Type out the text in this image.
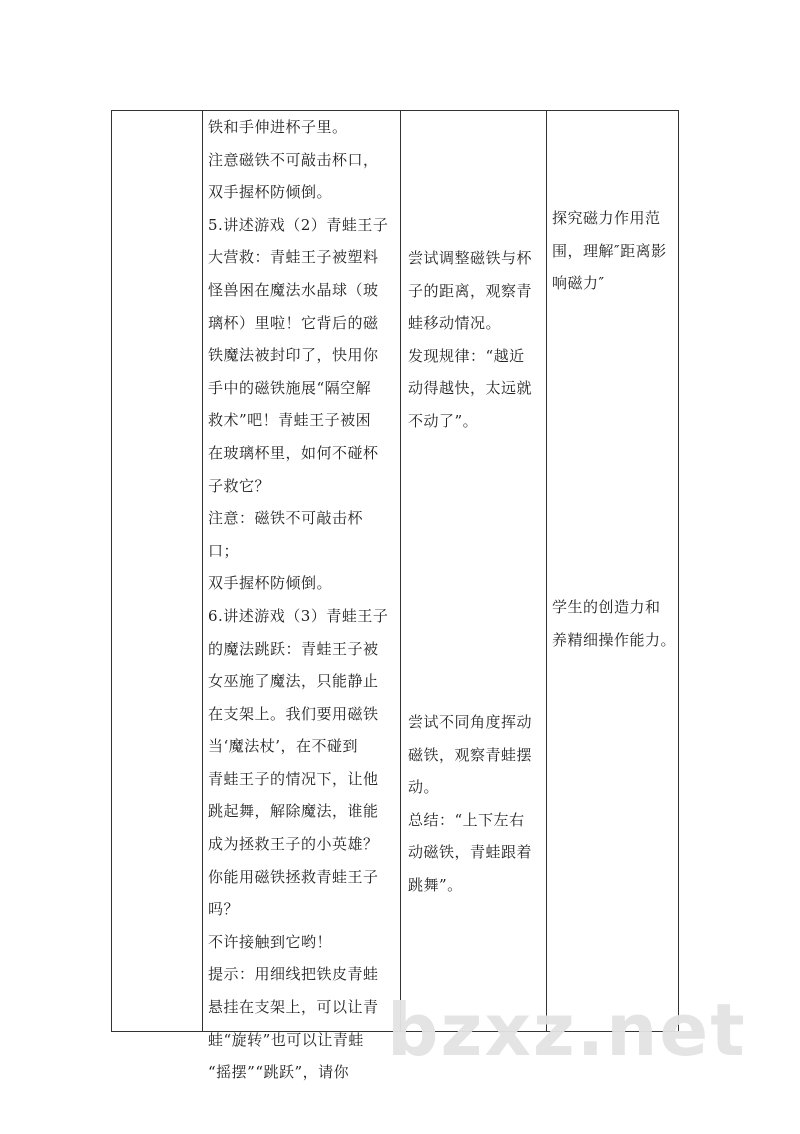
铁和手伸进杯子里。

注意磁铁不可敲击杯口，

双手握杯防倾倒。

5.讲述游戏（2）青蛙王子

大营救：青蛙王子被塑料

怪兽困在魔法水晶球（玻

璃杯）里啦！它背后的磁

铁魔法被封印了，快用你

手中的磁铁施展“隔空解

救术”吧！青蛙王子被困

在玻璃杯里，如何不碰杯

子救它？

注意：磁铁不可敲击杯口；

双手握杯防倾倒。

6.讲述游戏（3）青蛙王子

的魔法跳跃：青蛙王子被

女巫施了魔法，只能静止

在支架上。我们要用磁铁

当‘魔法杖’，在不碰到

青蛙王子的情况下，让他

跳起舞，解除魔法，谁能

成为拯救王子的小英雄？

你能用磁铁拯救青蛙王子

吗？

不许接触到它哟！

提示：用细线把铁皮青蛙

悬挂在支架上，可以让青

蛙“旋转”也可以让青蛙

“摇摆”“跳跃”，请你

尝试调整磁铁与杯

子的距离，观察青

蛙移动情况。

发现规律：“越近

动得越快，太远就

不动了”。

尝试不同角度挥动

磁铁，观察青蛙摆

动。

总结：“上下左右

动磁铁，青蛙跟着

跳舞”。

探究磁力作用范

围，理解″距离影

响磁力″

学生的创造力和

养精细操作能力。

bzxz.net
